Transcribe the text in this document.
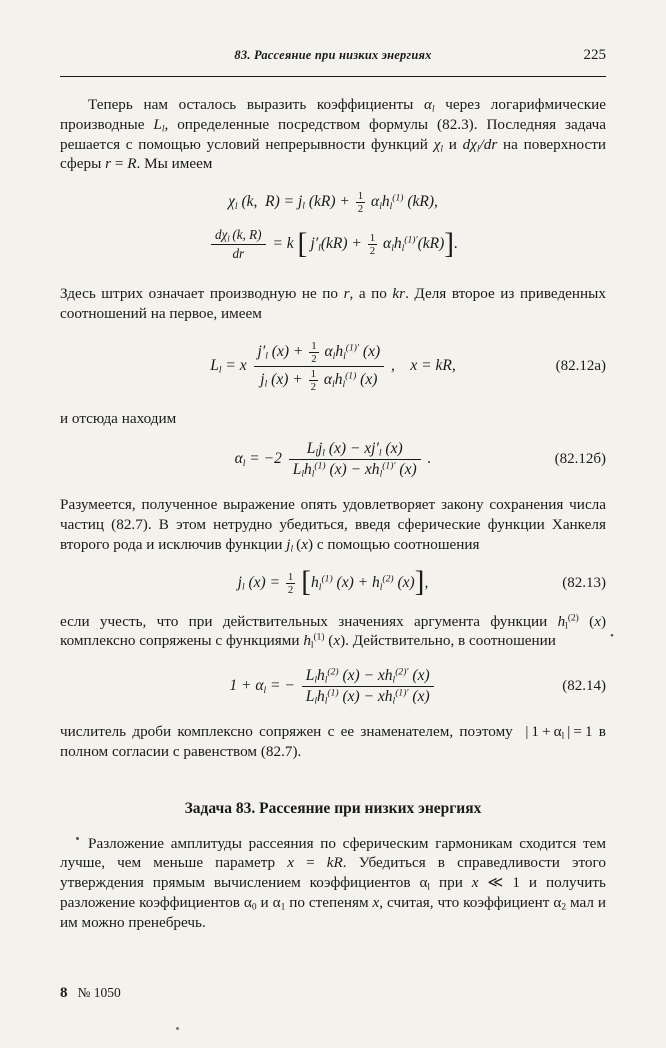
83. Рассеяние при низких энергиях	225

Теперь нам осталось выразить коэффициенты $\alpha_l$ через логарифмические производные $L_l$, определенные посредством формулы (82.3). Последняя задача решается с помощью условий непрерывности функций $\chi_l$ и $d\chi_l/dr$ на поверхности сферы r = R. Мы имеем

$\chi_l$ (k,  $R) = j_l$ $(kR) + \frac{1}{2} \alpha_lh_l^{(1)}$ (kR),
$\frac{d\chi_l (k, R)}{dr} = k$ [  $j'_l(kR) + \frac{1}{2} \alpha_lh_l^{(1)'}(kR)$].

Здесь штрих означает производную не по r, а по kr. Деля второе из приведенных соотношений на первое, имеем

$L_l = x \frac{j'_l (x) + \frac{1}{2} \alpha_lh_l^{(1)'} (x)}{j_l (x) + \frac{1}{2} \alpha_lh_l^{(1)} (x)}$ ,    x = kR,	(82.12а)

и отсюда находим

$\alpha_l = -2 \frac{L_lj_l (x) - xj'_l (x)}{L_lh_l^{(1)} (x) - xh_l^{(1)'} (x)}$ .	(82.12б)

Разумеется, полученное выражение опять удовлетворяет закону сохранения числа частиц (82.7). В этом нетрудно убедиться, введя сферические функции Ханкеля второго рода и исключив функции $j_l$ (x) с помощью соотношения

$j_l$ $(x) = \frac{1}{2} [h_l^{(1)}$ $(x) + h_l^{(2)}$ (x)],	(82.13)

если учесть, что при действительных значениях аргумента функции $h_l^{(2)}$ (x) комплексно сопряжены с функциями $h_l^{(1)}$ (x). Действительно, в соотношении

$1 + \alpha_l$ = − $\frac{L_lh_l^{(2)} (x) - xh_l^{(2)'} (x)}{L_lh_l^{(1)} (x) - xh_l^{(1)'} (x)}$	(82.14)

числитель дроби комплексно сопряжен с ее знаменателем, поэтому  | $1 + \alpha_l$ | = 1 в полном согласии с равенством (82.7).

Задача 83. Рассеяние при низких энергиях

Разложение амплитуды рассеяния по сферическим гармоникам сходится тем лучше, чем меньше параметр x = kR. Убедиться в справедливости этого утверждения прямым вычислением коэффициентов $\alpha_l$ при x ≪ 1 и получить разложение коэффициентов $\alpha_0$ и $\alpha_1$ по степеням x, считая, что коэффициент $\alpha_2$ мал и им можно пренебречь.

•
8 № 1050
